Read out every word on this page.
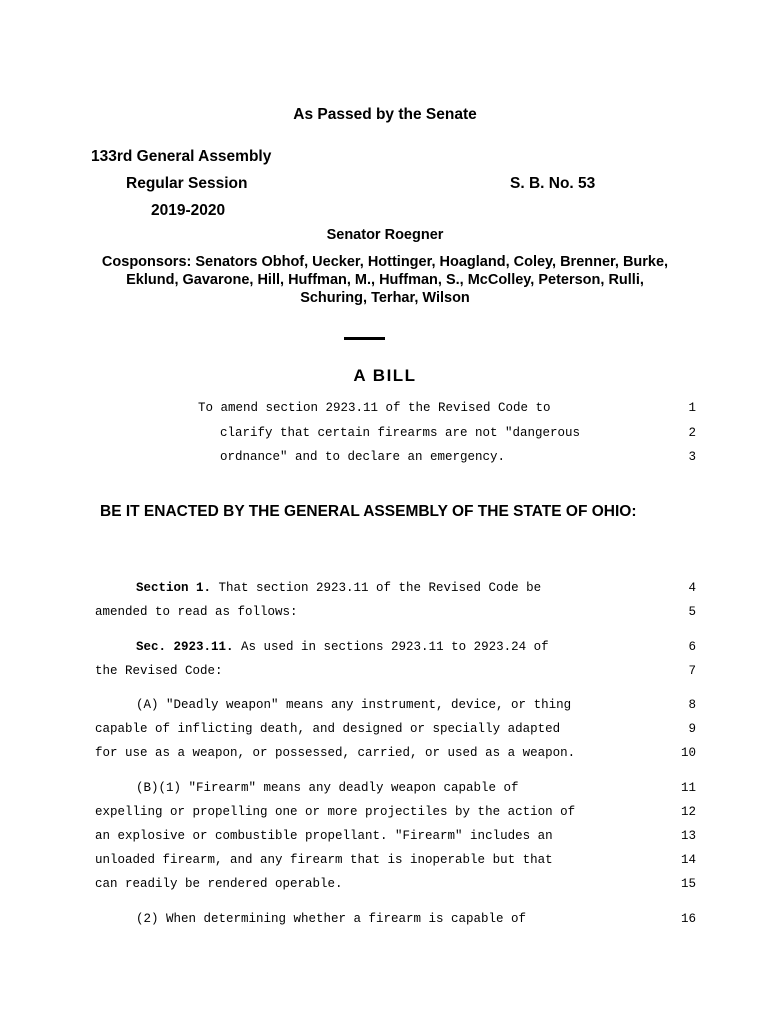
As Passed by the Senate
133rd General Assembly
Regular Session	S. B. No. 53
2019-2020
Senator Roegner
Cosponsors: Senators Obhof, Uecker, Hottinger, Hoagland, Coley, Brenner, Burke, Eklund, Gavarone, Hill, Huffman, M., Huffman, S., McColley, Peterson, Rulli, Schuring, Terhar, Wilson
A BILL
To amend section 2923.11 of the Revised Code to	1
clarify that certain firearms are not "dangerous	2
ordnance" and to declare an emergency.	3
BE IT ENACTED BY THE GENERAL ASSEMBLY OF THE STATE OF OHIO:
Section 1. That section 2923.11 of the Revised Code be	4
amended to read as follows:	5
Sec. 2923.11. As used in sections 2923.11 to 2923.24 of	6
the Revised Code:	7
(A) "Deadly weapon" means any instrument, device, or thing	8
capable of inflicting death, and designed or specially adapted	9
for use as a weapon, or possessed, carried, or used as a weapon.	10
(B)(1) "Firearm" means any deadly weapon capable of	11
expelling or propelling one or more projectiles by the action of	12
an explosive or combustible propellant. "Firearm" includes an	13
unloaded firearm, and any firearm that is inoperable but that	14
can readily be rendered operable.	15
(2) When determining whether a firearm is capable of	16
